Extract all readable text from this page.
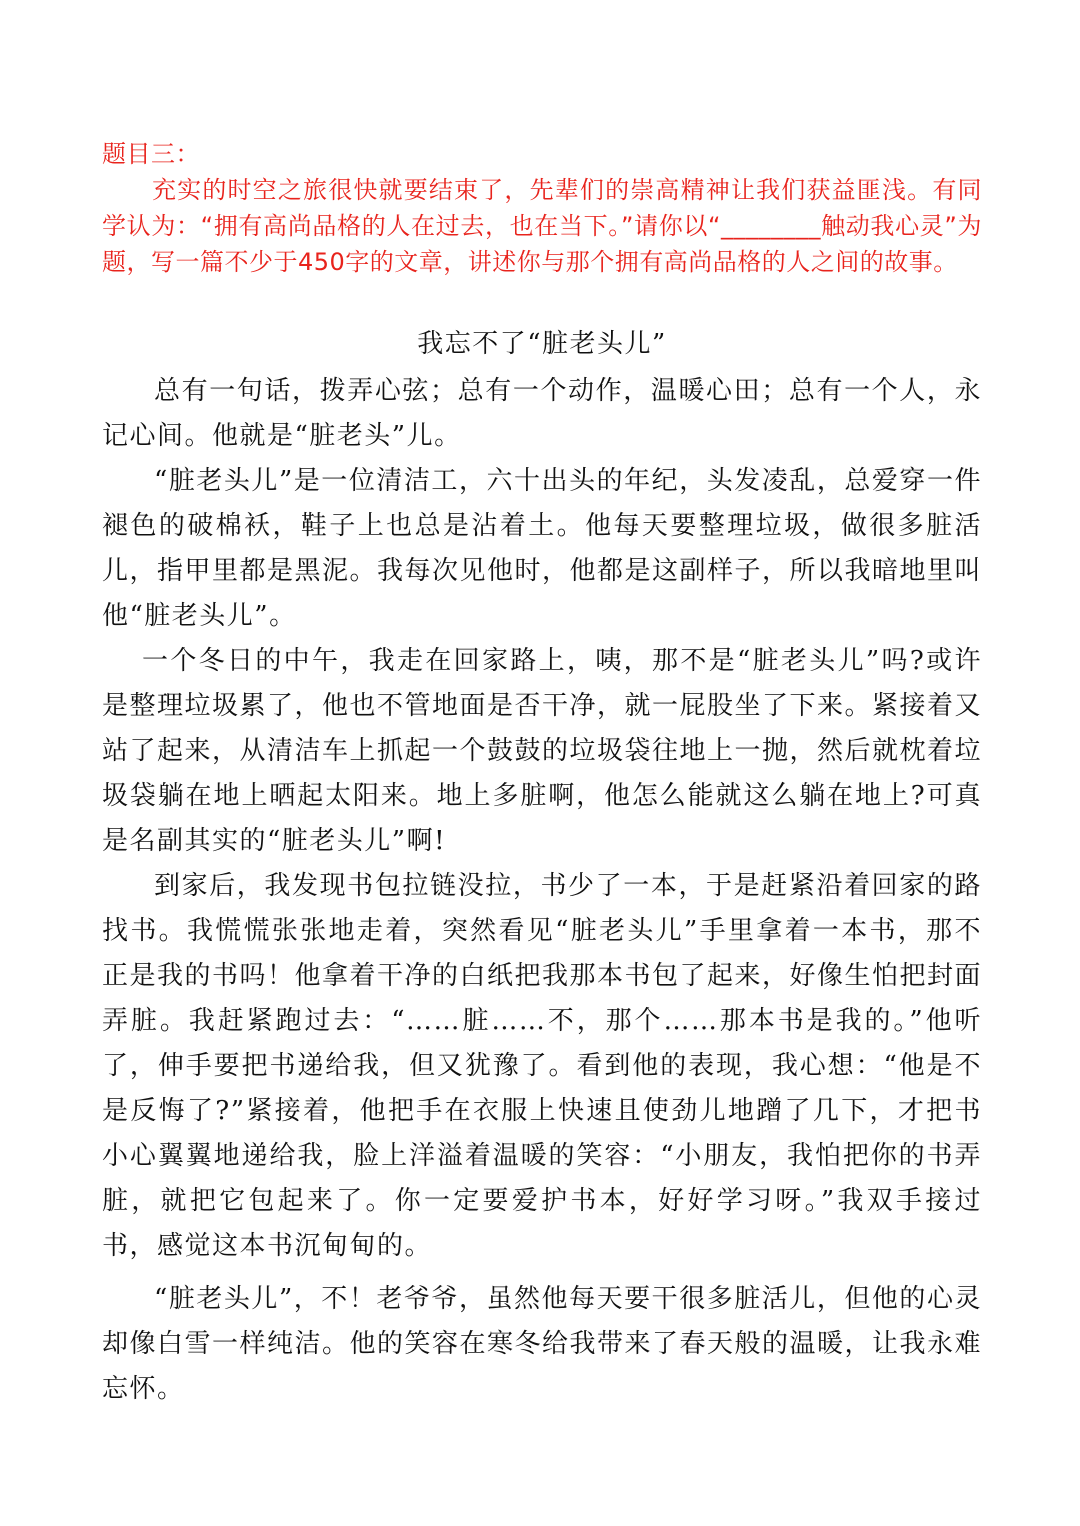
题目三：

充实的时空之旅很快就要结束了，先辈们的崇高精神让我们获益匪浅。有同学认为：“拥有高尚品格的人在过去，也在当下。”请你以“________触动我心灵”为题，写一篇不少于450字的文章，讲述你与那个拥有高尚品格的人之间的故事。

我忘不了“脏老头儿”

总有一句话，拨弄心弦；总有一个动作，温暖心田；总有一个人，永记心间。他就是“脏老头”儿。

“脏老头儿”是一位清洁工，六十出头的年纪，头发凌乱，总爱穿一件褪色的破棉袄，鞋子上也总是沾着土。他每天要整理垃圾，做很多脏活儿，指甲里都是黑泥。我每次见他时，他都是这副样子，所以我暗地里叫他“脏老头儿”。

一个冬日的中午，我走在回家路上，咦，那不是“脏老头儿”吗?或许是整理垃圾累了，他也不管地面是否干净，就一屁股坐了下来。紧接着又站了起来，从清洁车上抓起一个鼓鼓的垃圾袋往地上一抛，然后就枕着垃圾袋躺在地上晒起太阳来。地上多脏啊，他怎么能就这么躺在地上?可真是名副其实的“脏老头儿”啊!

到家后，我发现书包拉链没拉，书少了一本，于是赶紧沿着回家的路找书。我慌慌张张地走着，突然看见“脏老头儿”手里拿着一本书，那不正是我的书吗！他拿着干净的白纸把我那本书包了起来，好像生怕把封面弄脏。我赶紧跑过去：“……脏……不，那个……那本书是我的。”他听了，伸手要把书递给我，但又犹豫了。看到他的表现，我心想：“他是不是反悔了?”紧接着，他把手在衣服上快速且使劲儿地蹭了几下，才把书小心翼翼地递给我，脸上洋溢着温暖的笑容：“小朋友，我怕把你的书弄脏，就把它包起来了。你一定要爱护书本，好好学习呀。”我双手接过书，感觉这本书沉甸甸的。

“脏老头儿”，不！老爷爷，虽然他每天要干很多脏活儿，但他的心灵却像白雪一样纯洁。他的笑容在寒冬给我带来了春天般的温暖，让我永难忘怀。
